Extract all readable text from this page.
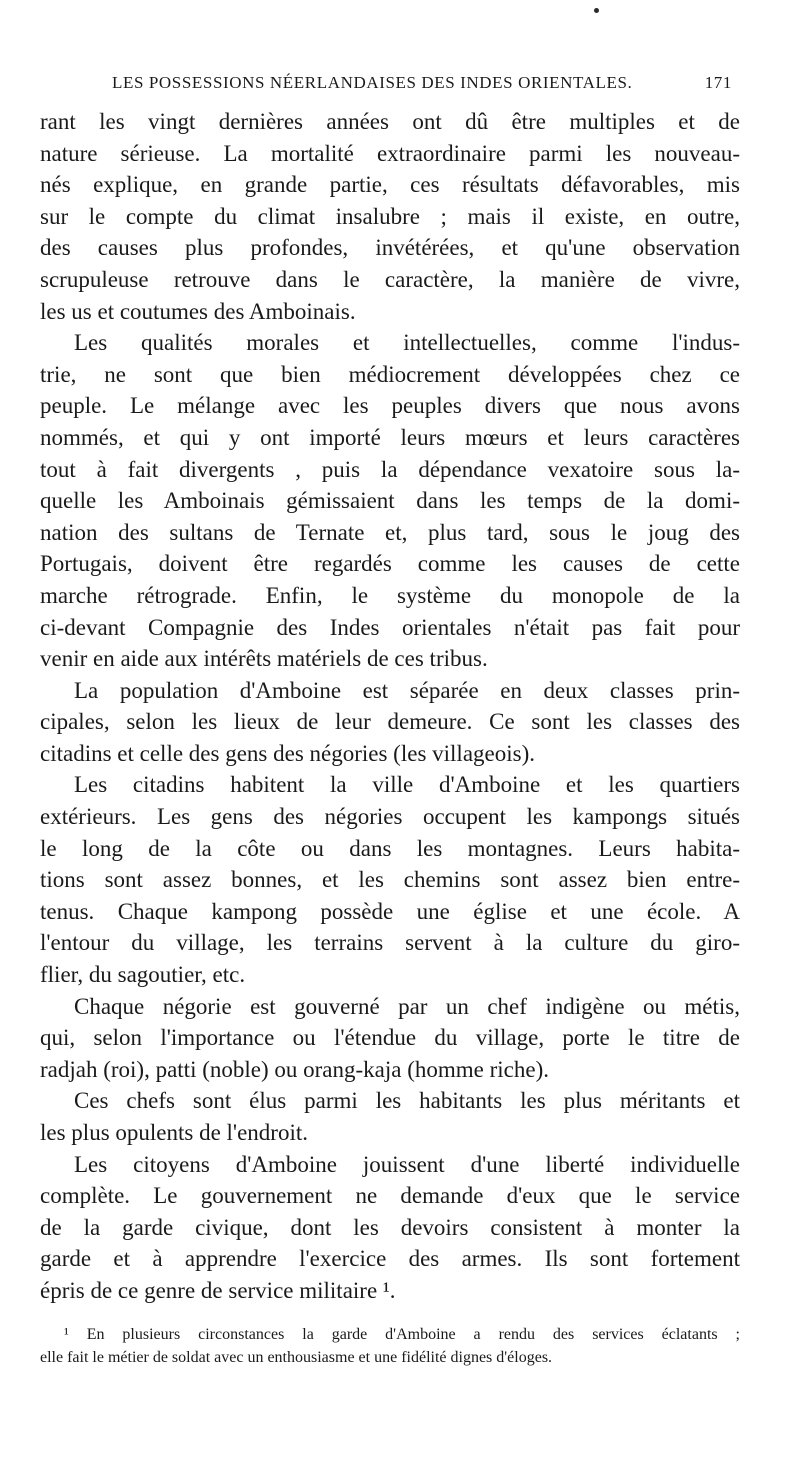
LES POSSESSIONS NÉERLANDAISES DES INDES ORIENTALES.	171
rant les vingt dernières années ont dû être multiples et de
nature sérieuse. La mortalité extraordinaire parmi les nouveau-
nés explique, en grande partie, ces résultats défavorables, mis
sur le compte du climat insalubre ; mais il existe, en outre,
des causes plus profondes, invétérées, et qu'une observation
scrupuleuse retrouve dans le caractère, la manière de vivre,
les us et coutumes des Amboinais.
Les qualités morales et intellectuelles, comme l'indus-
trie, ne sont que bien médiocrement développées chez ce
peuple. Le mélange avec les peuples divers que nous avons
nommés, et qui y ont importé leurs mœurs et leurs caractères
tout à fait divergents , puis la dépendance vexatoire sous la-
quelle les Amboinais gémissaient dans les temps de la domi-
nation des sultans de Ternate et, plus tard, sous le joug des
Portugais, doivent être regardés comme les causes de cette
marche rétrograde. Enfin, le système du monopole de la
ci-devant Compagnie des Indes orientales n'était pas fait pour
venir en aide aux intérêts matériels de ces tribus.
La population d'Amboine est séparée en deux classes prin-
cipales, selon les lieux de leur demeure. Ce sont les classes des
citadins et celle des gens des négories (les villageois).
Les citadins habitent la ville d'Amboine et les quartiers
extérieurs. Les gens des négories occupent les kampongs situés
le long de la côte ou dans les montagnes. Leurs habita-
tions sont assez bonnes, et les chemins sont assez bien entre-
tenus. Chaque kampong possède une église et une école. A
l'entour du village, les terrains servent à la culture du giro-
flier, du sagoutier, etc.
Chaque négorie est gouverné par un chef indigène ou métis,
qui, selon l'importance ou l'étendue du village, porte le titre de
radjah (roi), patti (noble) ou orang-kaja (homme riche).
Ces chefs sont élus parmi les habitants les plus méritants et
les plus opulents de l'endroit.
Les citoyens d'Amboine jouissent d'une liberté individuelle
complète. Le gouvernement ne demande d'eux que le service
de la garde civique, dont les devoirs consistent à monter la
garde et à apprendre l'exercice des armes. Ils sont fortement
épris de ce genre de service militaire ¹.
¹ En plusieurs circonstances la garde d'Amboine a rendu des services éclatants ;
elle fait le métier de soldat avec un enthousiasme et une fidélité dignes d'éloges.
